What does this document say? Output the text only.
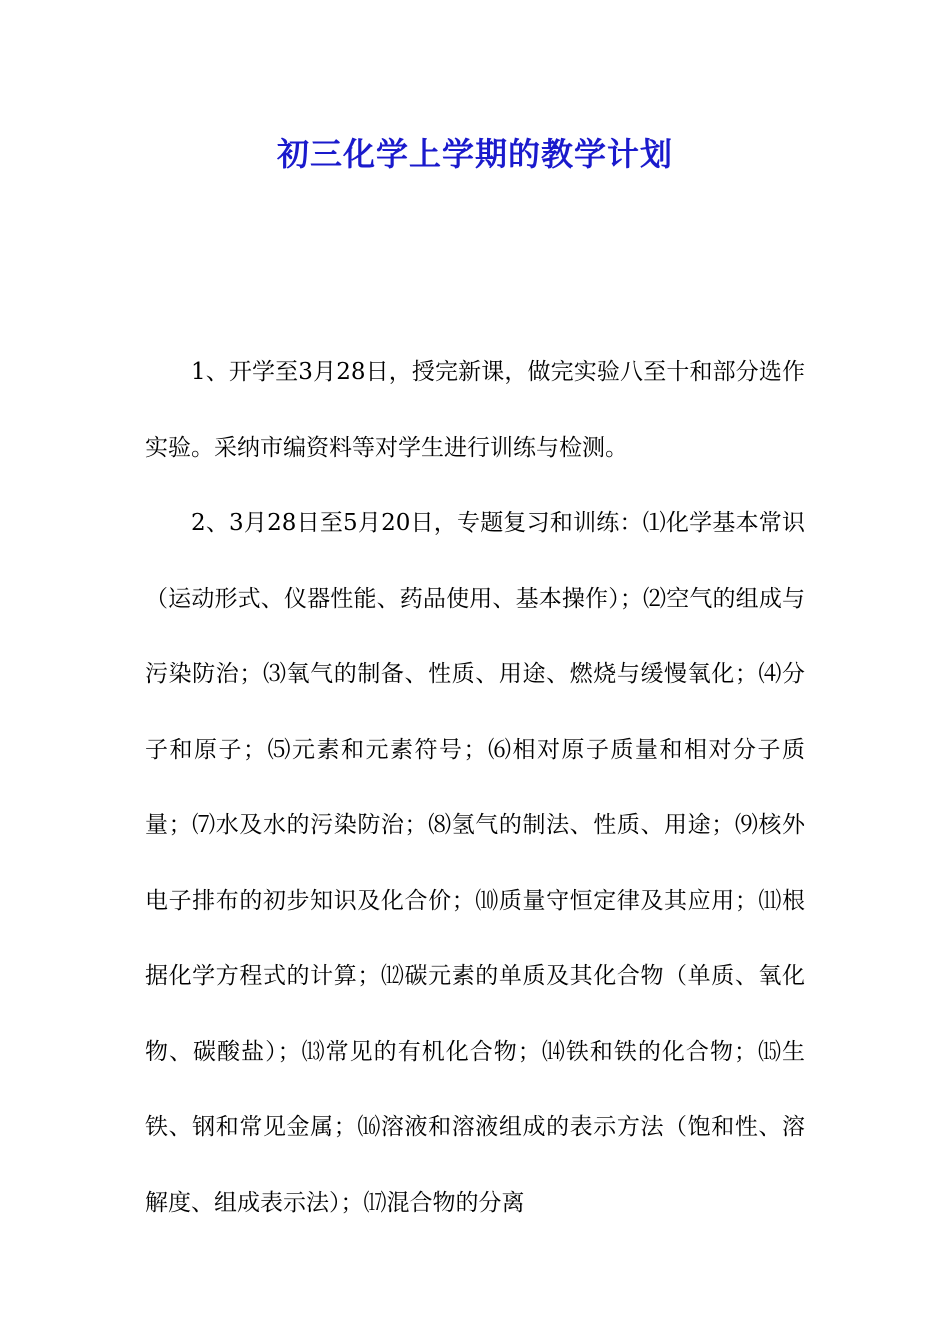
初三化学上学期的教学计划

1、开学至3月28日，授完新课，做完实验八至十和部分选作实验。采纳市编资料等对学生进行训练与检测。

2、3月28日至5月20日，专题复习和训练：⑴化学基本常识（运动形式、仪器性能、药品使用、基本操作）；⑵空气的组成与污染防治；⑶氧气的制备、性质、用途、燃烧与缓慢氧化；⑷分子和原子；⑸元素和元素符号；⑹相对原子质量和相对分子质量；⑺水及水的污染防治；⑻氢气的制法、性质、用途；⑼核外电子排布的初步知识及化合价；⑽质量守恒定律及其应用；⑾根据化学方程式的计算；⑿碳元素的单质及其化合物（单质、氧化物、碳酸盐）；⒀常见的有机化合物；⒁铁和铁的化合物；⒂生铁、钢和常见金属；⒃溶液和溶液组成的表示方法（饱和性、溶解度、组成表示法）；⒄混合物的分离
